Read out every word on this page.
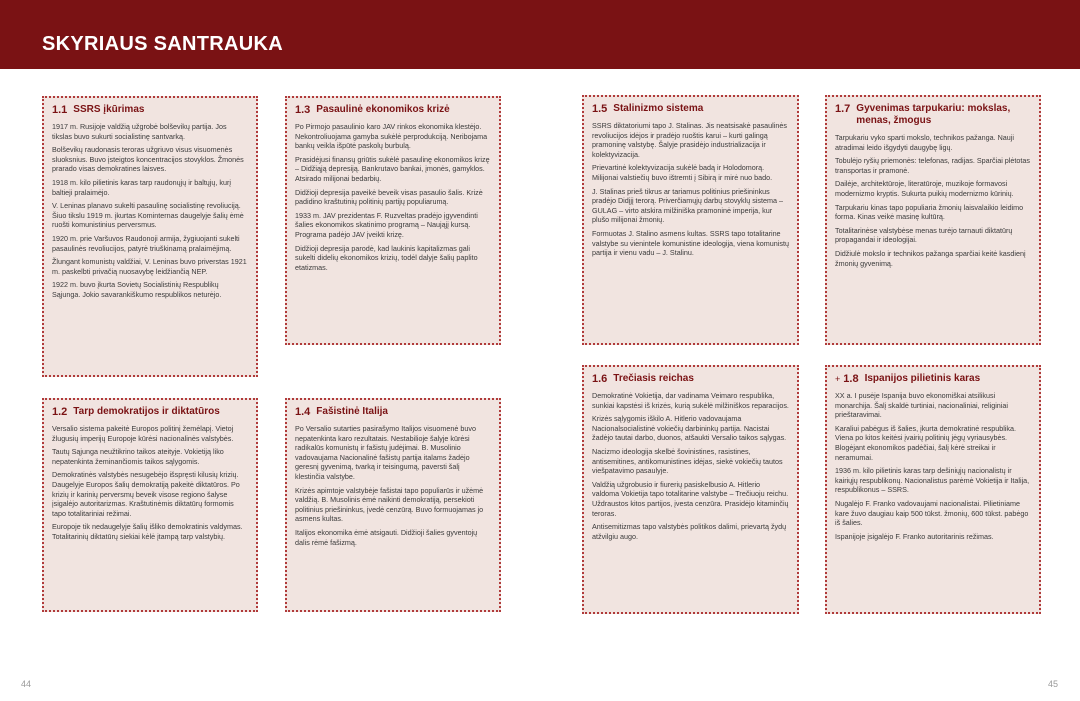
SKYRIAUS SANTRAUKA
1.1 SSRS įkūrimas

1917 m. Rusijoje valdžią užgrobė bolševikų partija. Jos tikslas buvo sukurti socialistinę santvarką.

Bolševikų raudonasis teroras užgriuvo visus visuomenės sluoksnius. Buvo įsteigtos koncentracijos stovyklos. Žmonės prarado visas demokratines laisves.

1918 m. kilo pilietinis karas tarp raudonųjų ir baltųjų, kurį baltieji pralaimėjo.

V. Leninas planavo sukelti pasaulinę socialistinę revoliuciją. Šiuo tikslu 1919 m. įkurtas Kominternas daugelyje šalių ėmė ruošti komunistinius perversmus.

1920 m. prie Varšuvos Raudonoji armija, žygiuojanti sukelti pasaulinės revoliucijos, patyrė triuškinamą pralaimėjimą.

Žlungant komunistų valdžiai, V. Leninas buvo priverstas 1921 m. paskelbti privačią nuosavybę leidžiančią NEP.

1922 m. buvo įkurta Sovietų Socialistinių Respublikų Sąjunga. Jokio savarankiškumo respublikos neturėjo.

1.2 Tarp demokratijos ir diktatūros

Versalio sistema pakeitė Europos politinį žemėlapį. Vietoj žlugusių imperijų Europoje kūrėsi nacionalinės valstybės.

Tautų Sąjunga neužtikrino taikos ateityje. Vokietiją liko nepatenkinta žeminančiomis taikos sąlygomis.

Demokratinės valstybės nesugebėjo išspręsti kilusių krizių. Daugelyje Europos šalių demokratiją pakeitė diktatūros. Po krizių ir karinių perversmų beveik visose regiono šalyse įsigalėjo autoritarizmas. Kraštutinėmis diktatūrų formomis tapo totalitariniai režimai.

Europoje tik nedaugelyje šalių išliko demokratinis valdymas. Totalitarinių diktatūrų siekiai kėlė įtampą tarp valstybių.

1.3 Pasaulinė ekonomikos krizė

Po Pirmojo pasaulinio karo JAV rinkos ekonomika klestėjo. Nekontroliuojama gamyba sukėlė perprodukciją. Neribojama bankų veikla išpūtė paskolų burbulą.

Prasidėjusi finansų griūtis sukėlė pasaulinę ekonomikos krizę – Didžiąją depresiją. Bankrutavo bankai, įmonės, gamyklos. Atsirado milijonai bedarbių.

Didžioji depresija paveikė beveik visas pasaulio šalis. Krizė padidino kraštutinių politinių partijų populiarumą.

1933 m. JAV prezidentas F. Ruzveltas pradėjo įgyvendinti šalies ekonomikos skatinimo programą – Naująjį kursą. Programa padėjo JAV įveikti krizę.

Didžioji depresija parodė, kad laukinis kapitalizmas gali sukelti didelių ekonomikos krizių, todėl dalyje šalių paplito etatizmas.

1.4 Fašistinė Italija

Po Versalio sutarties pasirašymo Italijos visuomenė buvo nepatenkinta karo rezultatais. Nestabilioje šalyje kūrėsi radikalūs komunistų ir fašistų judėjimai. B. Musolinio vadovaujama Nacionalinė fašistų partija italams žadėjo geresnį gyvenimą, tvarką ir teisingumą, paversti šalį klestinčia valstybe.

Krizės apimtoje valstybėje fašistai tapo populiarūs ir užėmė valdžią. B. Musolinis ėmė naikinti demokratiją, persekioti politinius priešininkus, įvedė cenzūrą. Buvo formuojamas jo asmens kultas.

Italijos ekonomika ėmė atsigauti. Didžioji šalies gyventojų dalis rėmė fašizmą.

1.5 Stalinizmo sistema

SSRS diktatoriumi tapo J. Stalinas. Jis neatsisakė pasaulinės revoliucijos idėjos ir pradėjo ruoštis karui – kurti galingą pramoninę valstybę. Šalyje prasidėjo industrializacija ir kolektyvizacija.

Prievartinė kolektyvizacija sukėlė badą ir Holodomorą. Milijonai valstiečių buvo ištremti į Sibirą ir mirė nuo bado.

J. Stalinas prieš tikrus ar tariamus politinius priešininkus pradėjo Didįjį terorą. Priverčiamųjų darbų stovyklų sistema – GULAG – virto atskira milžiniška pramoninė imperija, kur plušo milijonai žmonių.

Formuotas J. Stalino asmens kultas. SSRS tapo totalitarine valstybe su vienintele komunistine ideologija, viena komunistų partija ir vienu vadu – J. Stalinu.

1.6 Trečiasis reichas

Demokratinė Vokietija, dar vadinama Veimaro respublika, sunkiai kapstėsi iš krizės, kurią sukėlė milžiniškos reparacijos.

Krizės sąlygomis iškilo A. Hitlerio vadovaujama Nacionalsocialistinė vokiečių darbininkų partija. Nacistai žadėjo tautai darbo, duonos, atšaukti Versalio taikos sąlygas.

Nacizmo ideologija skelbė šovinistines, rasistines, antisemitines, antikomunistines idėjas, siekė vokiečių tautos viešpatavimo pasaulyje.

Valdžią užgrobusio ir fiurerių pasiskelbusio A. Hitlerio valdoma Vokietija tapo totalitarine valstybe – Trečiuoju reichu. Uždraustos kitos partijos, įvesta cenzūra. Prasidėjo kitaminčių teroras.

Antisemitizmas tapo valstybės politikos dalimi, prievartą žydų atžvilgiu augo.

1.7 Gyvenimas tarpukariu: mokslas, menas, žmogus

Tarpukariu vyko sparti mokslo, technikos pažanga. Nauji atradimai leido išgydyti daugybę ligų.

Tobulėjo ryšių priemonės: telefonas, radijas. Sparčiai plėtotas transportas ir pramonė.

Dailėje, architektūroje, literatūroje, muzikoje formavosi modernizmo kryptis. Sukurta puikių modernizmo kūrinių.

Tarpukariu kinas tapo populiaria žmonių laisvalaikio leidimo forma. Kinas veikė masinę kultūrą.

Totalitarinėse valstybėse menas turėjo tarnauti diktatūrų propagandai ir ideologijai.

Didžiulė mokslo ir technikos pažanga sparčiai keitė kasdienį žmonių gyvenimą.

+ 1.8 Ispanijos pilietinis karas

XX a. I pusėje Ispanija buvo ekonomiškai atsilikusi monarchija. Šalį skaldė turtiniai, nacionaliniai, religiniai prieštaravimai.

Karaliui pabėgus iš šalies, įkurta demokratinė respublika. Viena po kitos keitėsi įvairių politinių jėgų vyriausybės. Blogėjant ekonomikos padėčiai, šalį kėrė streikai ir neramumai.

1936 m. kilo pilietinis karas tarp dešiniųjų nacionalistų ir kairiųjų respublikonų. Nacionalistus parėmė Vokietija ir Italija, respublikonus – SSRS.

Nugalėjo F. Franko vadovaujami nacionalistai. Pilietiniame kare žuvo daugiau kaip 500 tūkst. žmonių, 600 tūkst. pabėgo iš šalies.

Ispanijoje įsigalėjo F. Franko autoritarinis režimas.

44	45
